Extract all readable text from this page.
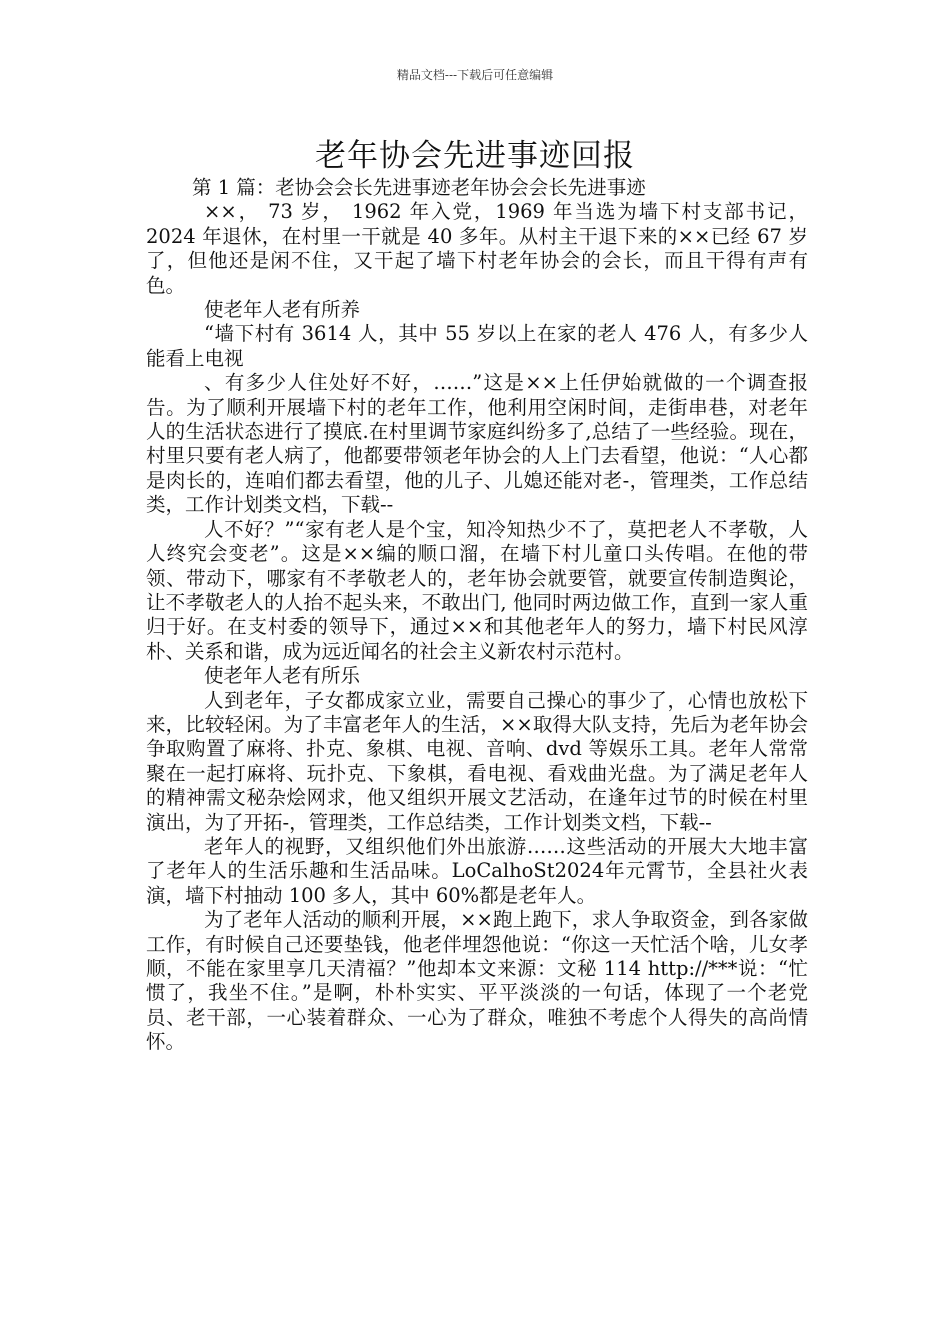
精品文档---下载后可任意编辑
老年协会先进事迹回报

第 1 篇：老协会会长先进事迹老年协会会长先进事迹

××， 73 岁， 1962 年入党，1969 年当选为墙下村支部书记， 2024 年退休，在村里一干就是 40 多年。从村主干退下来的××已经 67 岁了，但他还是闲不住，又干起了墙下村老年协会的会长，而且干得有声有色。

使老年人老有所养

“墙下村有 3614 人，其中 55 岁以上在家的老人 476 人，有多少人能看上电视

、有多少人住处好不好，……”这是××上任伊始就做的一个调查报告。为了顺利开展墙下村的老年工作，他利用空闲时间，走街串巷，对老年人的生活状态进行了摸底.在村里调节家庭纠纷多了,总结了一些经验。现在，村里只要有老人病了，他都要带领老年协会的人上门去看望，他说：“人心都是肉长的，连咱们都去看望，他的儿子、儿媳还能对老-，管理类，工作总结类，工作计划类文档，下载--

人不好？”“家有老人是个宝，知冷知热少不了，莫把老人不孝敬，人人终究会变老”。这是××编的顺口溜，在墙下村儿童口头传唱。在他的带领、带动下，哪家有不孝敬老人的，老年协会就要管，就要宣传制造舆论，让不孝敬老人的人抬不起头来，不敢出门, 他同时两边做工作，直到一家人重归于好。在支村委的领导下，通过××和其他老年人的努力，墙下村民风淳朴、关系和谐，成为远近闻名的社会主义新农村示范村。

使老年人老有所乐

人到老年，子女都成家立业，需要自己操心的事少了，心情也放松下来，比较轻闲。为了丰富老年人的生活，××取得大队支持，先后为老年协会争取购置了麻将、扑克、象棋、电视、音响、dvd 等娱乐工具。老年人常常聚在一起打麻将、玩扑克、下象棋，看电视、看戏曲光盘。为了满足老年人的精神需文秘杂烩网求，他又组织开展文艺活动，在逢年过节的时候在村里演出，为了开拓-，管理类，工作总结类，工作计划类文档，下载--

老年人的视野，又组织他们外出旅游……这些活动的开展大大地丰富了老年人的生活乐趣和生活品味。LoCalhoSt2024年元霄节，全县社火表演，墙下村抽动 100 多人，其中 60%都是老年人。

为了老年人活动的顺利开展，××跑上跑下，求人争取资金，到各家做工作，有时候自己还要垫钱，他老伴埋怨他说：“你这一天忙活个啥，儿女孝顺，不能在家里享几天清福？”他却本文来源：文秘 114 http://***说：“忙惯了，我坐不住。”是啊，朴朴实实、平平淡淡的一句话，体现了一个老党员、老干部，一心装着群众、一心为了群众，唯独不考虑个人得失的高尚情怀。
